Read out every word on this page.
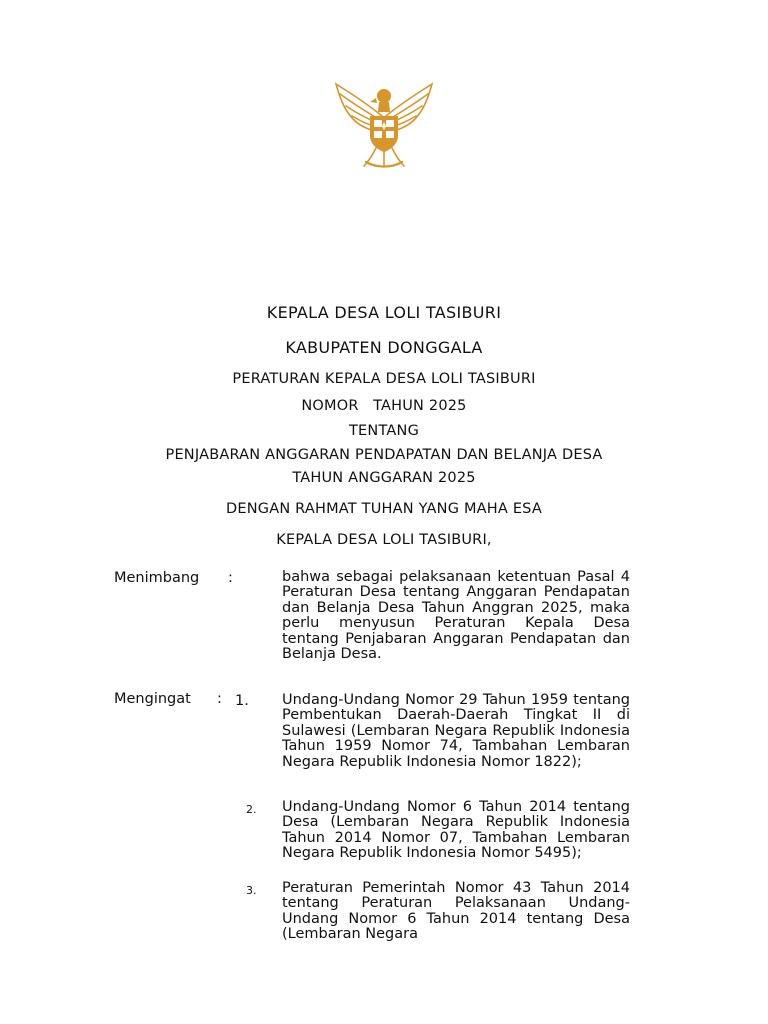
KEPALA DESA LOLI TASIBURI
KABUPATEN DONGGALA
PERATURAN KEPALA DESA LOLI TASIBURI
NOMOR   TAHUN 2025
TENTANG
PENJABARAN ANGGARAN PENDAPATAN DAN BELANJA DESA
TAHUN ANGGARAN 2025
DENGAN RAHMAT TUHAN YANG MAHA ESA
KEPALA DESA LOLI TASIBURI,
Menimbang :	bahwa sebagai pelaksanaan ketentuan Pasal 4 Peraturan Desa tentang Anggaran Pendapatan dan Belanja Desa Tahun Anggran 2025, maka perlu menyusun Peraturan Kepala Desa tentang Penjabaran Anggaran Pendapatan dan Belanja Desa.
Mengingat : 1. Undang-Undang Nomor 29 Tahun 1959 tentang Pembentukan Daerah-Daerah Tingkat II di Sulawesi (Lembaran Negara Republik Indonesia Tahun 1959 Nomor 74, Tambahan Lembaran Negara Republik Indonesia Nomor 1822);
2. Undang-Undang Nomor 6 Tahun 2014 tentang Desa (Lembaran Negara Republik Indonesia Tahun 2014 Nomor 07, Tambahan Lembaran Negara Republik Indonesia Nomor 5495);
3. Peraturan Pemerintah Nomor 43 Tahun 2014 tentang Peraturan Pelaksanaan Undang-Undang Nomor 6 Tahun 2014 tentang Desa (Lembaran Negara
